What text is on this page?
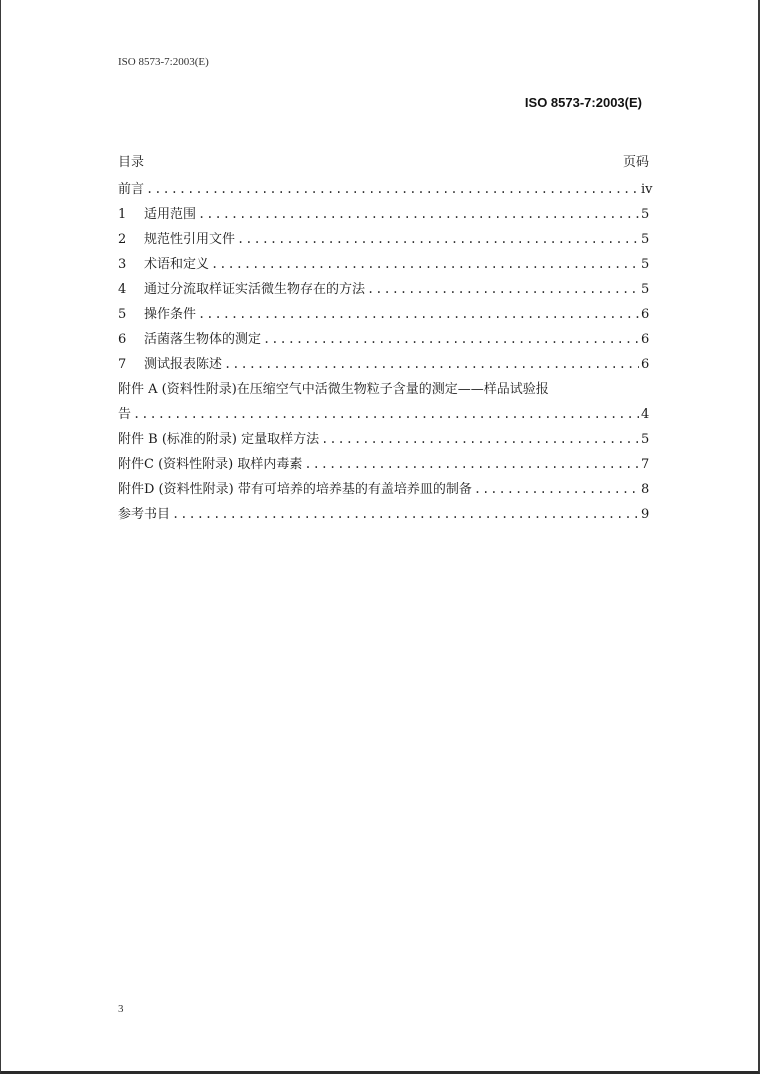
ISO 8573-7:2003(E)
ISO 8573-7:2003(E)
目录	页码
前言 .....	iv
1	适用范围 .....	5
2	规范性引用文件 .....	5
3	术语和定义 .....	5
4	通过分流取样证实活微生物存在的方法 .....	5
5	操作条件 .....	6
6	活菌落生物体的测定 .....	6
7	测试报表陈述 .....	6
附件 A (资料性附录)在压缩空气中活微生物粒子含量的测定——样品试验报
告 .....	4
附件 B (标准的附录) 定量取样方法 .....	5
附件C (资料性附录) 取样内毒素 .....	7
附件D (资料性附录) 带有可培养的培养基的有盖培养皿的制备 .....	8
参考书目 .....	9
3
